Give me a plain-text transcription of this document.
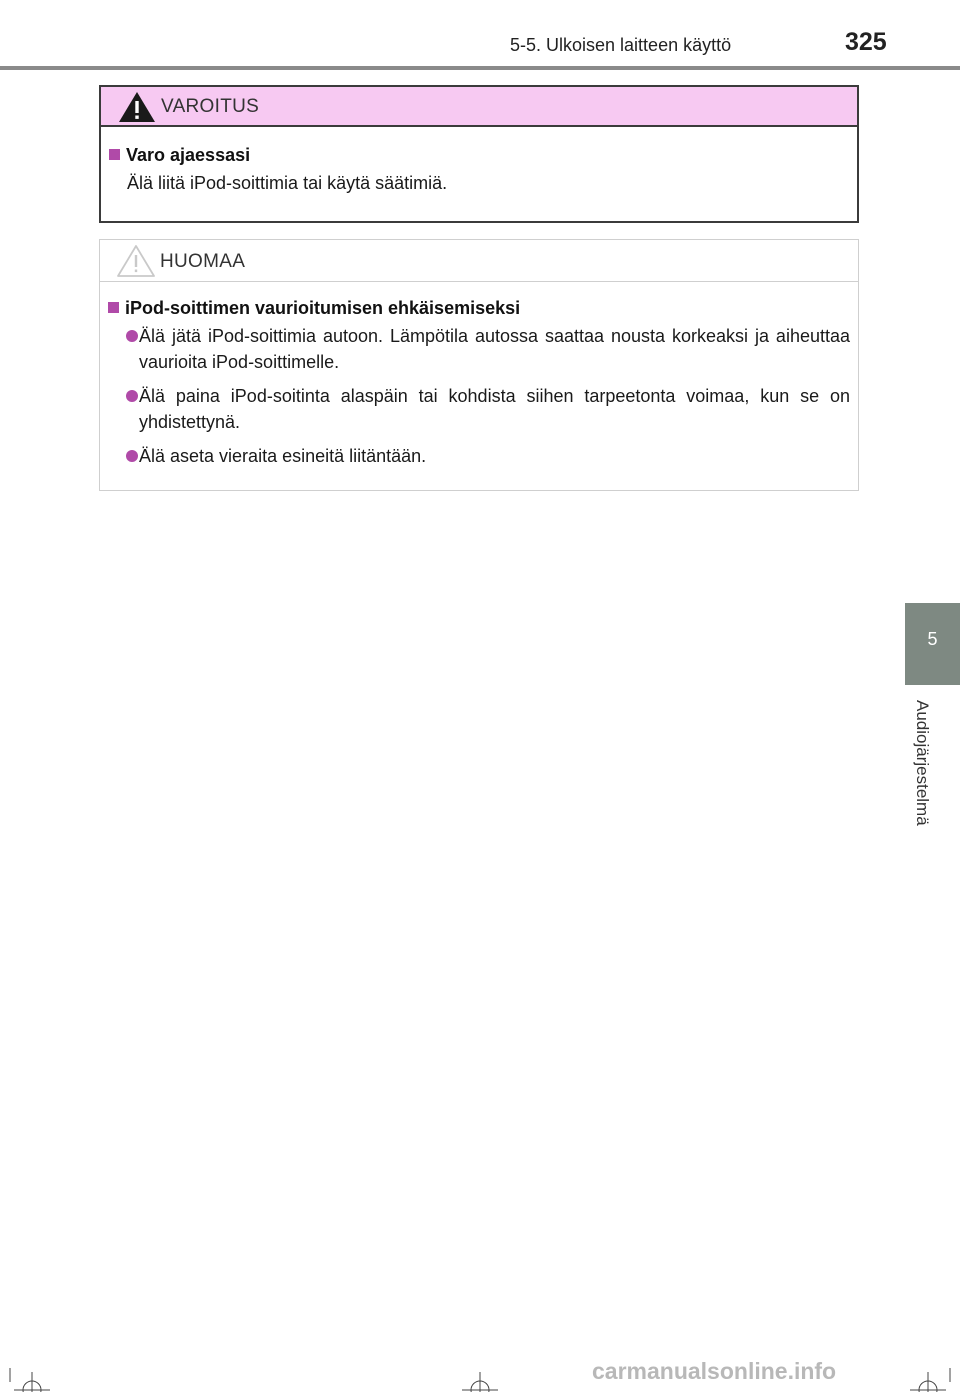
5-5. Ulkoisen laitteen käyttö	325
VAROITUS
Varo ajaessasi
Älä liitä iPod-soittimia tai käytä säätimiä.
HUOMAA
iPod-soittimen vaurioitumisen ehkäisemiseksi
Älä jätä iPod-soittimia autoon. Lämpötila autossa saattaa nousta korkeaksi ja aiheuttaa vaurioita iPod-soittimelle.
Älä paina iPod-soitinta alaspäin tai kohdista siihen tarpeetonta voimaa, kun se on yhdistettynä.
Älä aseta vieraita esineitä liitäntään.
5
Audiojärjestelmä
carmanualsonline.info
